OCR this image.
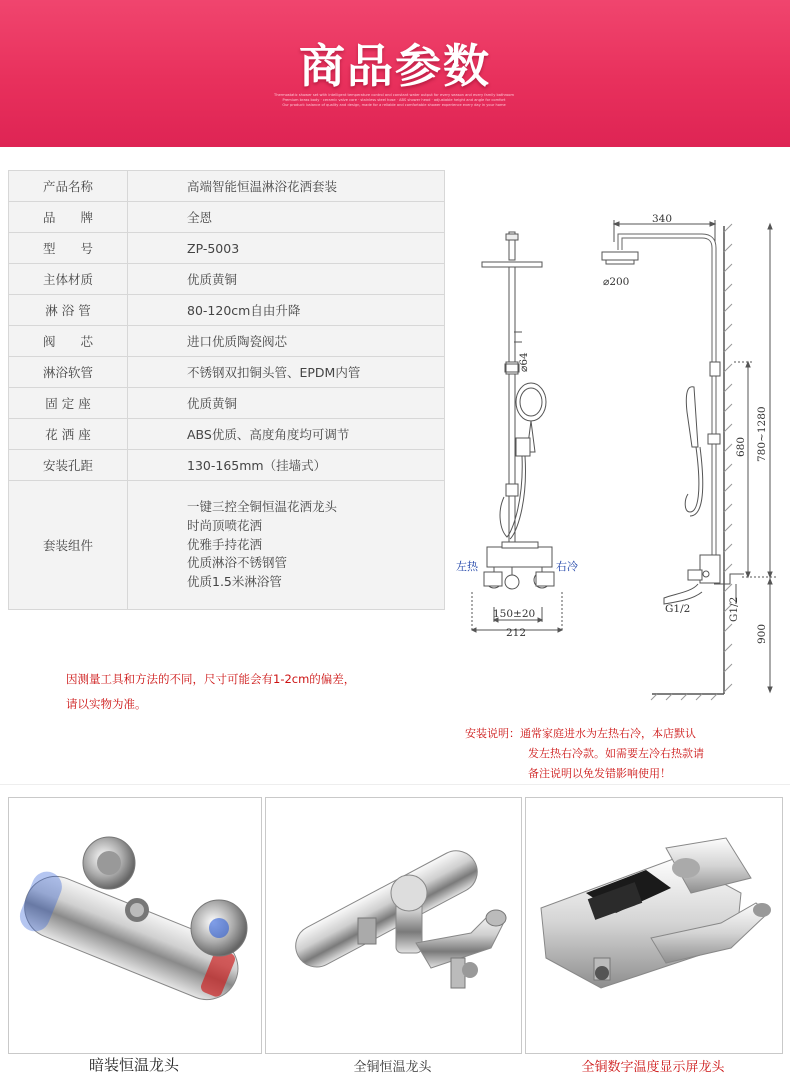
商品参数
Thermostatic shower set with intelligent temperature control and constant water output for every season and every family bathroom
Premium brass body · ceramic valve core · stainless steel hose · ABS shower head · adjustable height and angle for comfort
Our product: balance of quality and design, made for a reliable and comfortable shower experience every day in your home
产品名称	高端智能恒温淋浴花洒套装
品　　牌	全恩
型　　号	ZP-5003
主体材质	优质黄铜
淋 浴 管	80-120cm自由升降
阀　　芯	进口优质陶瓷阀芯
淋浴软管	不锈钢双扣铜头管、EPDM内管
固 定 座	优质黄铜
花 洒 座	ABS优质、高度角度均可调节
安装孔距	130-165mm（挂墙式）
套装组件	一键三控全铜恒温花洒龙头
时尚顶喷花洒
优雅手持花洒
优质淋浴不锈钢管
优质1.5米淋浴管
因测量工具和方法的不同，尺寸可能会有1-2cm的偏差，
请以实物为准。
340
⌀200
⌀64
680 780~1280
900
G1/2
G1/2
150±20
212
左热	右冷
安装说明：通常家庭进水为左热右冷，本店默认
发左热右冷款。如需要左冷右热款请
备注说明以免发错影响使用！
暗装恒温龙头	全铜恒温龙头	全铜数字温度显示屏龙头
